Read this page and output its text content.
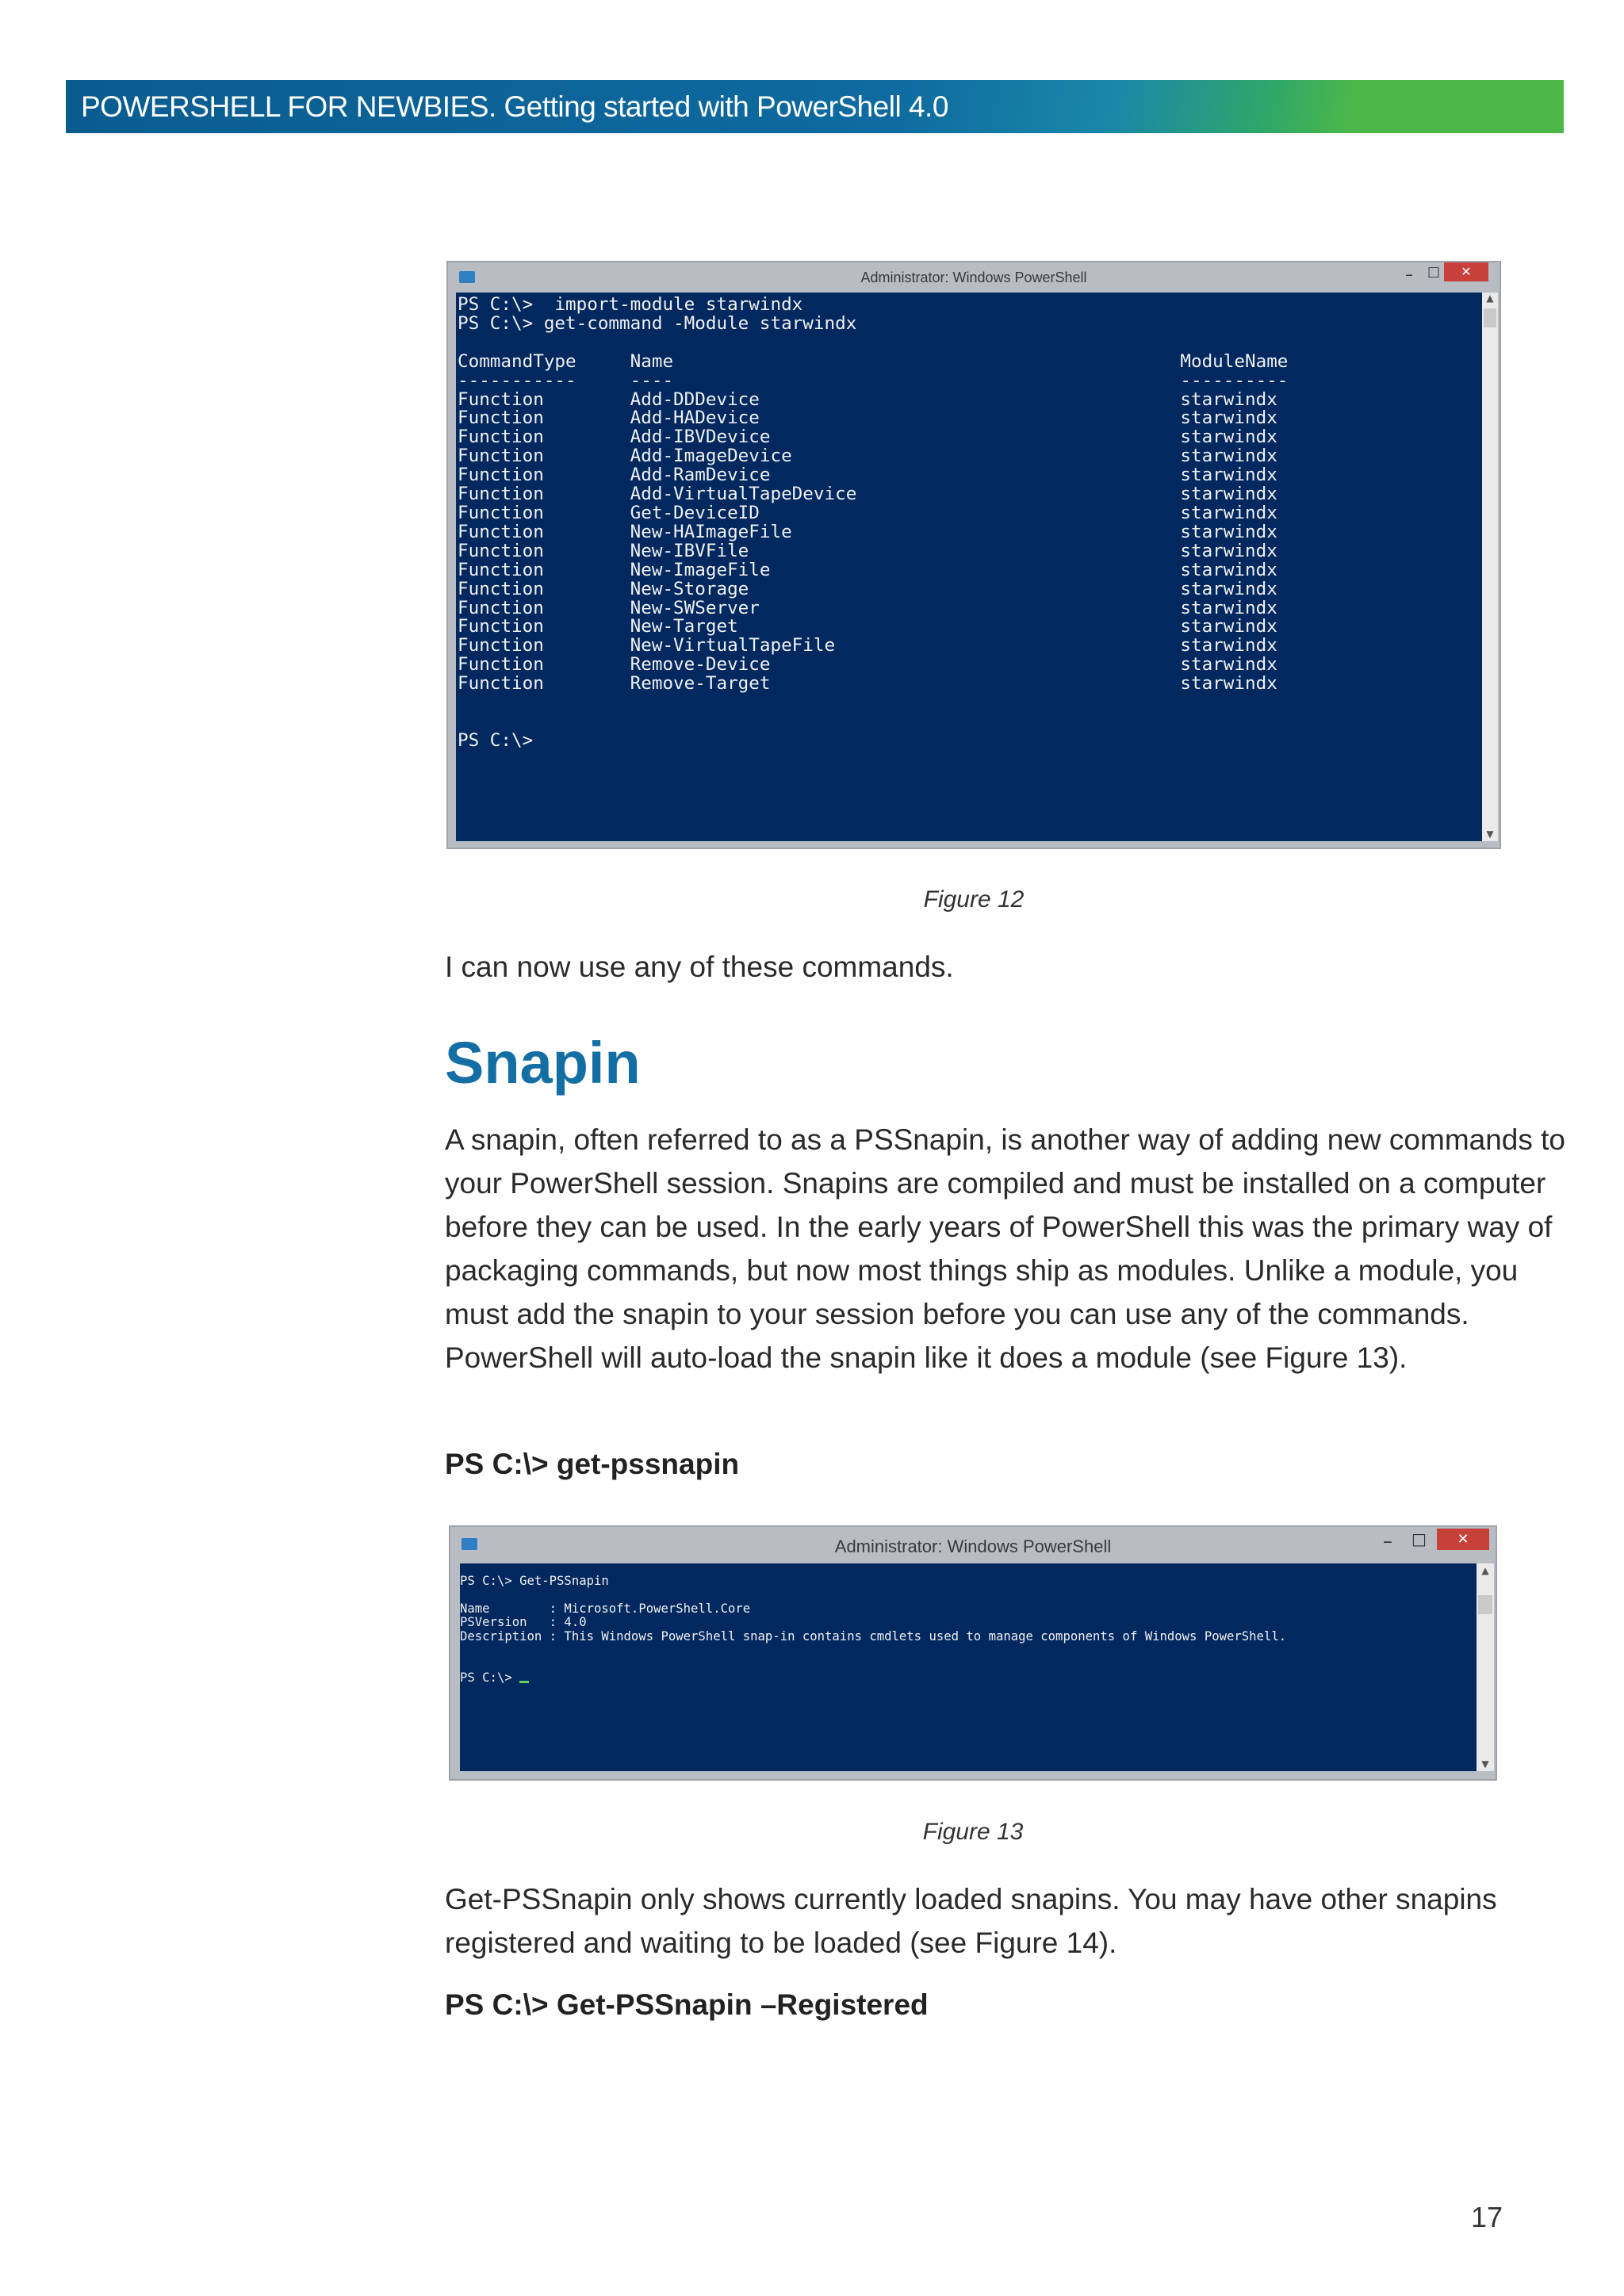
POWERSHELL FOR NEWBIES. Getting started with PowerShell 4.0
Administrator: Windows PowerShell	– □	✕
PS C:\>  import-module starwindx
PS C:\> get-command -Module starwindx

CommandType     Name                                               ModuleName
-----------     ----                                               ----------
Function        Add-DDDevice                                       starwindx
Function        Add-HADevice                                       starwindx
Function        Add-IBVDevice                                      starwindx
Function        Add-ImageDevice                                    starwindx
Function        Add-RamDevice                                      starwindx
Function        Add-VirtualTapeDevice                              starwindx
Function        Get-DeviceID                                       starwindx
Function        New-HAImageFile                                    starwindx
Function        New-IBVFile                                        starwindx
Function        New-ImageFile                                      starwindx
Function        New-Storage                                        starwindx
Function        New-SWServer                                       starwindx
Function        New-Target                                         starwindx
Function        New-VirtualTapeFile                                starwindx
Function        Remove-Device                                      starwindx
Function        Remove-Target                                      starwindx

PS C:\>
▲
▼
Figure 12

I can now use any of these commands.

Snapin

A snapin, often referred to as a PSSnapin, is another way of adding new commands to your PowerShell session. Snapins are compiled and must be installed on a computer before they can be used. In the early years of PowerShell this was the primary way of packaging commands, but now most things ship as modules. Unlike a module, you must add the snapin to your session before you can use any of the commands. PowerShell will auto-load the snapin like it does a module (see Figure 13).

PS C:\> get-pssnapin

Administrator: Windows PowerShell	– □	✕
PS C:\> Get-PSSnapin

Name        : Microsoft.PowerShell.Core
PSVersion   : 4.0
Description : This Windows PowerShell snap-in contains cmdlets used to manage components of Windows PowerShell.

PS C:\>
▲
▼
Figure 13

Get-PSSnapin only shows currently loaded snapins. You may have other snapins registered and waiting to be loaded (see Figure 14).

PS C:\> Get-PSSnapin –Registered

17
